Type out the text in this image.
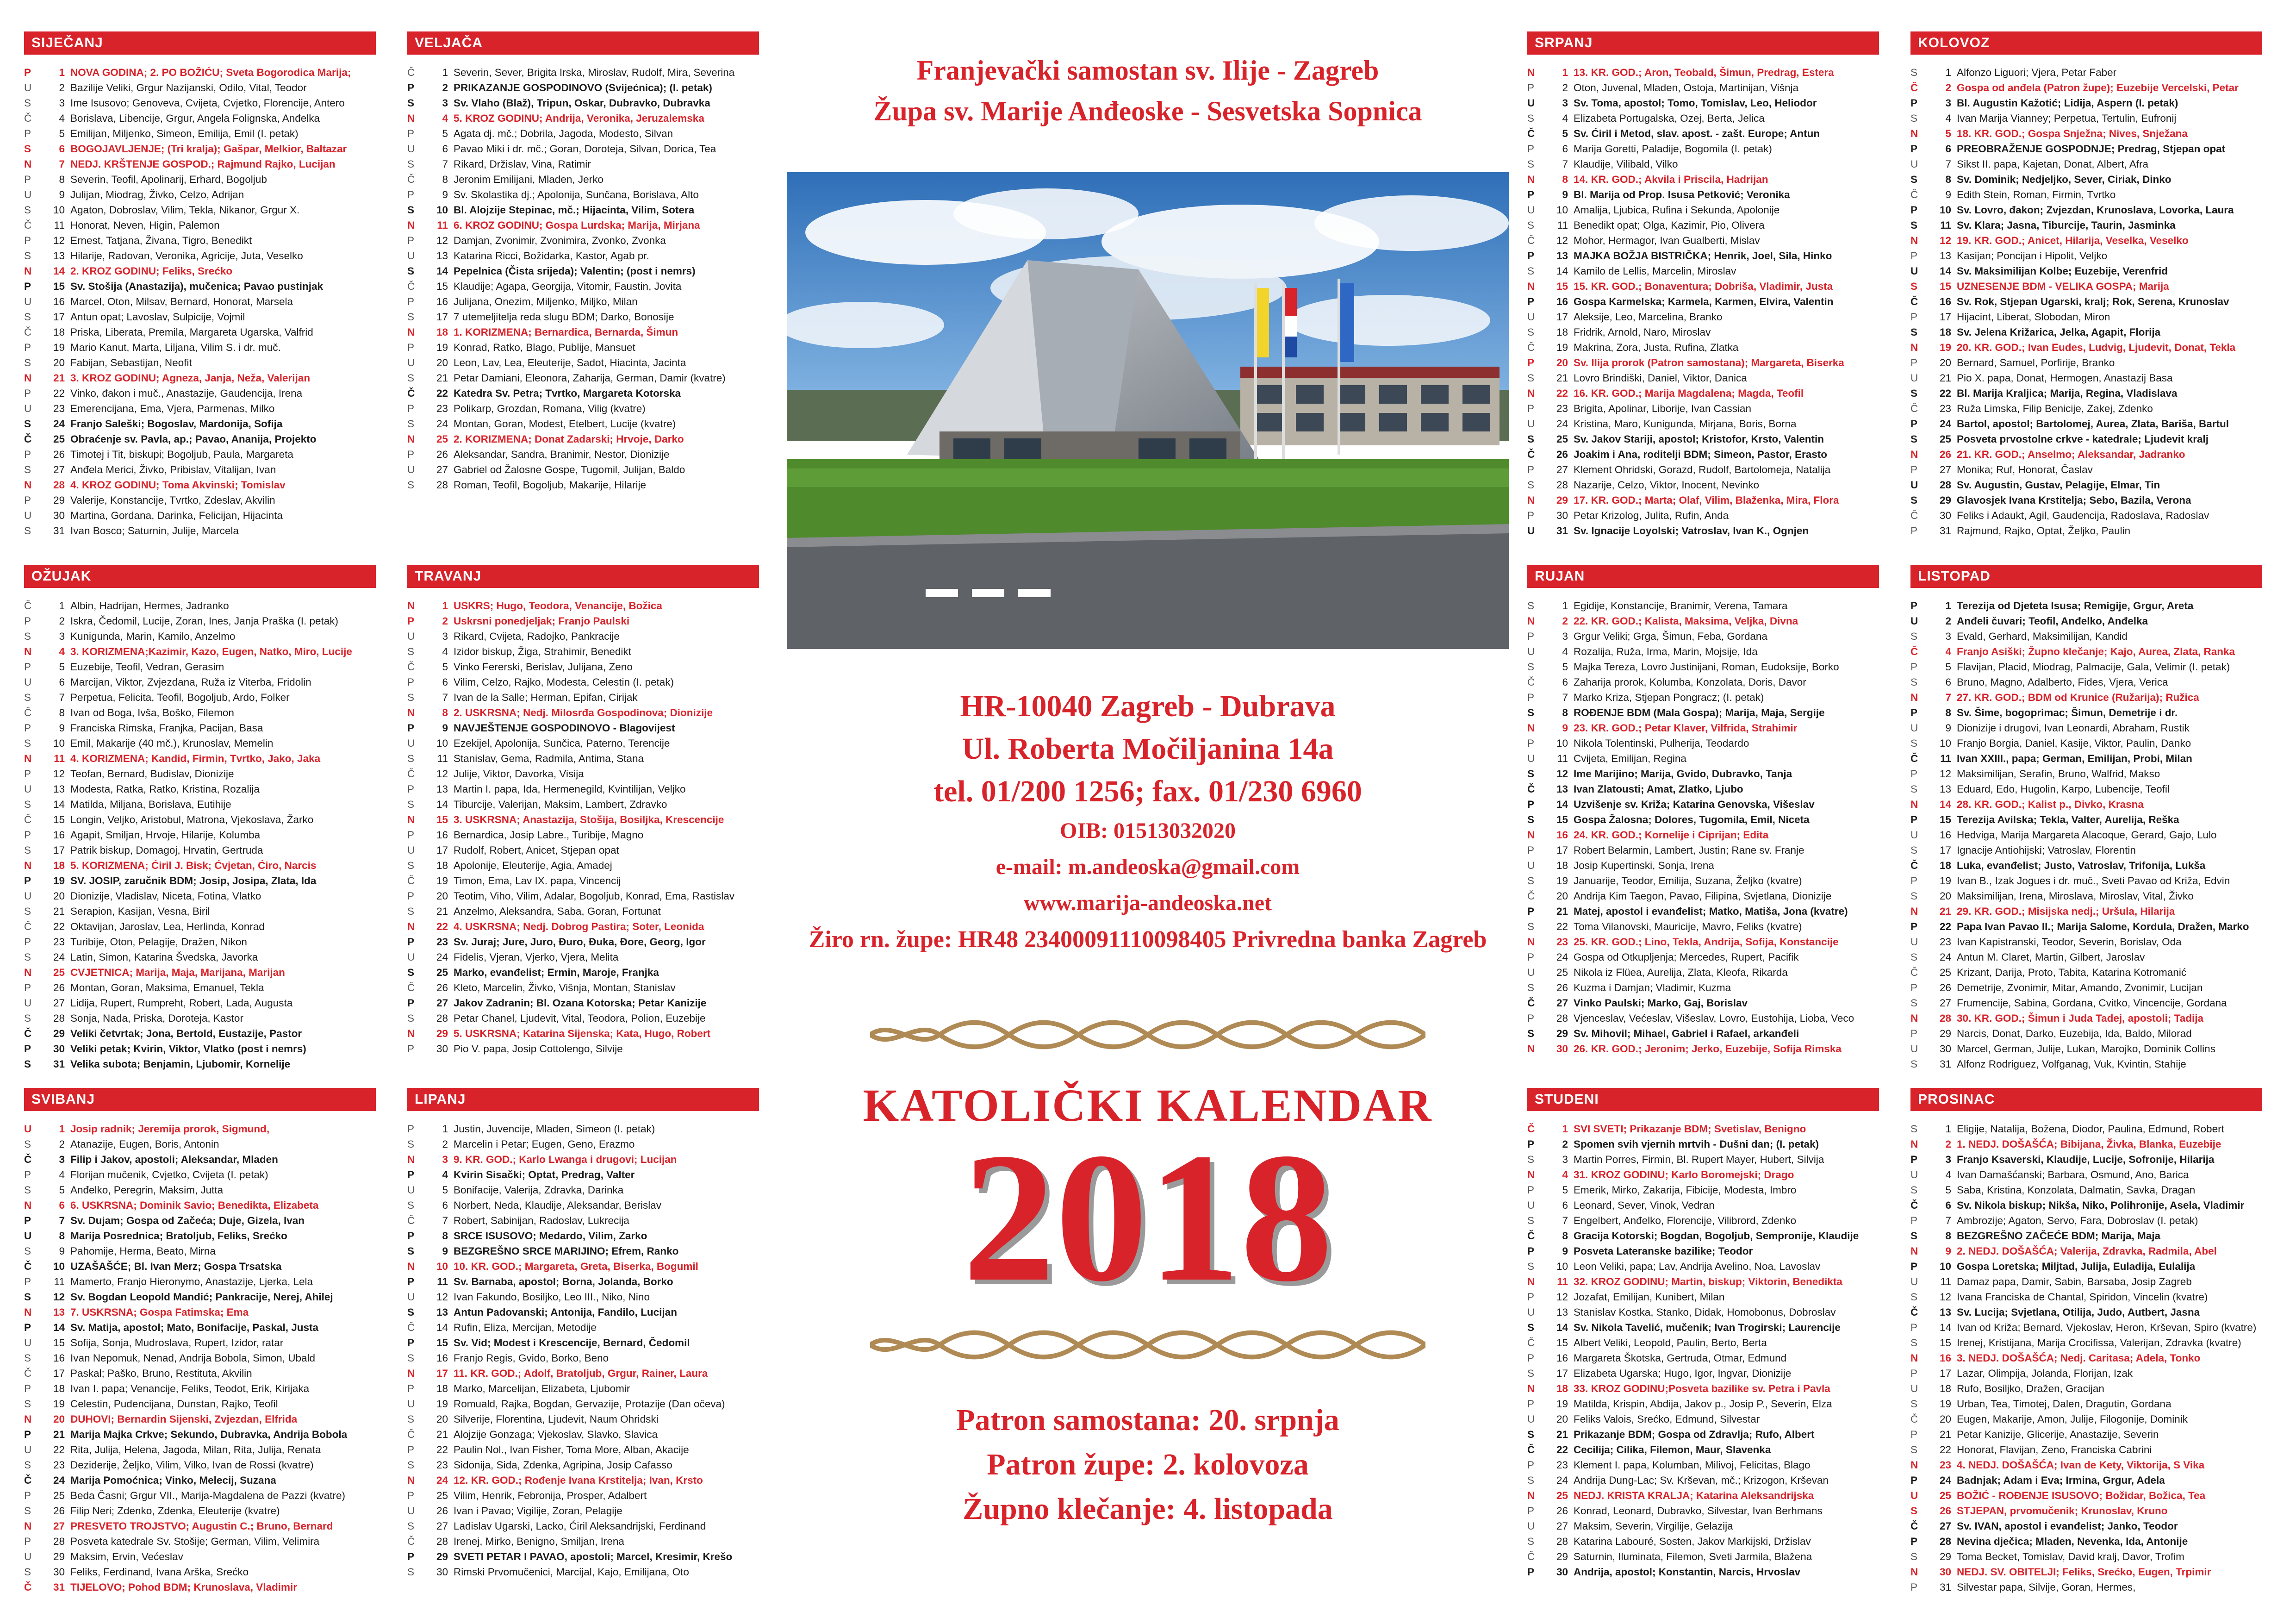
SIJEČANJ
P	1 NOVA GODINA; 2. PO BOŽIĆU; Sveta Bogorodica Marija;
U	2 Bazilije Veliki, Grgur Nazijanski, Odilo, Vital, Teodor
S	3 Ime Isusovo; Genoveva, Cvijeta, Cvjetko, Florencije, Antero
Č	4 Borislava, Libencije, Grgur, Angela Folignska, Anđelka
P	5 Emilijan, Miljenko, Simeon, Emilija, Emil (I. petak)
S	6 BOGOJAVLJENJE; (Tri kralja); Gašpar, Melkior, Baltazar
N	7 NEDJ. KRŠTENJE GOSPOD.; Rajmund Rajko, Lucijan
P	8 Severin, Teofil, Apolinarij, Erhard, Bogoljub
U	9 Julijan, Miodrag, Živko, Celzo, Adrijan
S	10 Agaton, Dobroslav, Vilim, Tekla, Nikanor, Grgur X.
Č	11 Honorat, Neven, Higin, Palemon
P	12 Ernest, Tatjana, Živana, Tigro, Benedikt
S	13 Hilarije, Radovan, Veronika, Agricije, Juta, Veselko
N	14 2. KROZ GODINU; Feliks, Srećko
P	15 Sv. Stošija (Anastazija), mučenica; Pavao pustinjak
U	16 Marcel, Oton, Milsav, Bernard, Honorat, Marsela
S	17 Antun opat; Lavoslav, Sulpicije, Vojmil
Č	18 Priska, Liberata, Premila, Margareta Ugarska, Valfrid
P	19 Mario Kanut, Marta, Liljana, Vilim S. i dr. muč.
S	20 Fabijan, Sebastijan, Neofit
N	21 3. KROZ GODINU; Agneza, Janja, Neža, Valerijan
P	22 Vinko, đakon i muč., Anastazije, Gaudencija, Irena
U	23 Emerencijana, Ema, Vjera, Parmenas, Milko
S	24 Franjo Saleški; Bogoslav, Mardonija, Sofija
Č	25 Obraćenje sv. Pavla, ap.; Pavao, Ananija, Projekto
P	26 Timotej i Tit, biskupi; Bogoljub, Paula, Margareta
S	27 Anđela Merici, Živko, Pribislav, Vitalijan, Ivan
N	28 4. KROZ GODINU; Toma Akvinski; Tomislav
P	29 Valerije, Konstancije, Tvrtko, Zdeslav, Akvilin
U	30 Martina, Gordana, Darinka, Felicijan, Hijacinta
S	31 Ivan Bosco; Saturnin, Julije, Marcela
VELJAČA
Č	1 Severin, Sever, Brigita Irska, Miroslav, Rudolf, Mira, Severina
P	2 PRIKAZANJE GOSPODINOVO (Svijećnica); (I. petak)
S	3 Sv. Vlaho (Blaž), Tripun, Oskar, Dubravko, Dubravka
N	4 5. KROZ GODINU; Andrija, Veronika, Jeruzalemska
P	5 Agata dj. mč.; Dobrila, Jagoda, Modesto, Silvan
U	6 Pavao Miki i dr. mč.; Goran, Doroteja, Silvan, Dorica, Tea
S	7 Rikard, Držislav, Vina, Ratimir
Č	8 Jeronim Emilijani, Mladen, Jerko
P	9 Sv. Skolastika dj.; Apolonija, Sunčana, Borislava, Alto
S	10 Bl. Alojzije Stepinac, mč.; Hijacinta, Vilim, Sotera
N	11 6. KROZ GODINU; Gospa Lurdska; Marija, Mirjana
P	12 Damjan, Zvonimir, Zvonimira, Zvonko, Zvonka
U	13 Katarina Ricci, Božidarka, Kastor, Agab pr.
S	14 Pepelnica (Čista srijeda); Valentin; (post i nemrs)
Č	15 Klaudije; Agapa, Georgija, Vitomir, Faustin, Jovita
P	16 Julijana, Onezim, Miljenko, Miljko, Milan
S	17 7 utemeljitelja reda slugu BDM; Darko, Bonosije
N	18 1. KORIZMENA; Bernardica, Bernarda, Šimun
P	19 Konrad, Ratko, Blago, Publije, Mansuet
U	20 Leon, Lav, Lea, Eleuterije, Sadot, Hiacinta, Jacinta
S	21 Petar Damiani, Eleonora, Zaharija, German, Damir (kvatre)
Č	22 Katedra Sv. Petra; Tvrtko, Margareta Kotorska
P	23 Polikarp, Grozdan, Romana, Vilig (kvatre)
S	24 Montan, Goran, Modest, Etelbert, Lucije (kvatre)
N	25 2. KORIZMENA; Donat Zadarski; Hrvoje, Darko
P	26 Aleksandar, Sandra, Branimir, Nestor, Dionizije
U	27 Gabriel od Žalosne Gospe, Tugomil, Julijan, Baldo
S	28 Roman, Teofil, Bogoljub, Makarije, Hilarije
SRPANJ
N	1 13. KR. GOD.; Aron, Teobald, Šimun, Predrag, Estera
P	2 Oton, Juvenal, Mladen, Ostoja, Martinijan, Višnja
U	3 Sv. Toma, apostol; Tomo, Tomislav, Leo, Heliodor
S	4 Elizabeta Portugalska, Ozej, Berta, Jelica
Č	5 Sv. Ćiril i Metod, slav. apost. - zašt. Europe; Antun
P	6 Marija Goretti, Paladije, Bogomila (I. petak)
S	7 Klaudije, Vilibald, Vilko
N	8 14. KR. GOD.; Akvila i Priscila, Hadrijan
P	9 Bl. Marija od Prop. Isusa Petković; Veronika
U	10 Amalija, Ljubica, Rufina i Sekunda, Apolonije
S	11 Benedikt opat; Olga, Kazimir, Pio, Olivera
Č	12 Mohor, Hermagor, Ivan Gualberti, Mislav
P	13 MAJKA BOŽJA BISTRIČKA; Henrik, Joel, Sila, Hinko
S	14 Kamilo de Lellis, Marcelin, Miroslav
N	15 15. KR. GOD.; Bonaventura; Dobriša, Vladimir, Justa
P	16 Gospa Karmelska; Karmela, Karmen, Elvira, Valentin
U	17 Aleksije, Leo, Marcelina, Branko
S	18 Fridrik, Arnold, Naro, Miroslav
Č	19 Makrina, Zora, Justa, Rufina, Zlatka
P	20 Sv. Ilija prorok (Patron samostana); Margareta, Biserka
S	21 Lovro Brindiški, Daniel, Viktor, Danica
N	22 16. KR. GOD.; Marija Magdalena; Magda, Teofil
P	23 Brigita, Apolinar, Liborije, Ivan Cassian
U	24 Kristina, Maro, Kunigunda, Mirjana, Boris, Borna
S	25 Sv. Jakov Stariji, apostol; Kristofor, Krsto, Valentin
Č	26 Joakim i Ana, roditelji BDM; Simeon, Pastor, Erasto
P	27 Klement Ohridski, Gorazd, Rudolf, Bartolomeja, Natalija
S	28 Nazarije, Celzo, Viktor, Inocent, Nevinko
N	29 17. KR. GOD.; Marta; Olaf, Vilim, Blaženka, Mira, Flora
P	30 Petar Krizolog, Julita, Rufin, Anda
U	31 Sv. Ignacije Loyolski; Vatroslav, Ivan K., Ognjen
KOLOVOZ
S	1 Alfonzo Liguori; Vjera, Petar Faber
Č	2 Gospa od anđela (Patron župe); Euzebije Vercelski, Petar
P	3 Bl. Augustin Kažotić; Lidija, Aspern (I. petak)
S	4 Ivan Marija Vianney; Perpetua, Tertulin, Eufronij
N	5 18. KR. GOD.; Gospa Snježna; Nives, Snježana
P	6 PREOBRAŽENJE GOSPODNJE; Predrag, Stjepan opat
U	7 Sikst II. papa, Kajetan, Donat, Albert, Afra
S	8 Sv. Dominik; Nedjeljko, Sever, Ciriak, Dinko
Č	9 Edith Stein, Roman, Firmin, Tvrtko
P	10 Sv. Lovro, đakon; Zvjezdan, Krunoslava, Lovorka, Laura
S	11 Sv. Klara; Jasna, Tiburcije, Taurin, Jasminka
N	12 19. KR. GOD.; Anicet, Hilarija, Veselka, Veselko
P	13 Kasijan; Poncijan i Hipolit, Veljko
U	14 Sv. Maksimilijan Kolbe; Euzebije, Verenfrid
S	15 UZNESENJE BDM - VELIKA GOSPA; Marija
Č	16 Sv. Rok, Stjepan Ugarski, kralj; Rok, Serena, Krunoslav
P	17 Hijacint, Liberat, Slobodan, Miron
S	18 Sv. Jelena Križarica, Jelka, Agapit, Florija
N	19 20. KR. GOD.; Ivan Eudes, Ludvig, Ljudevit, Donat, Tekla
P	20 Bernard, Samuel, Porfirije, Branko
U	21 Pio X. papa, Donat, Hermogen, Anastazij Basa
S	22 Bl. Marija Kraljica; Marija, Regina, Vladislava
Č	23 Ruža Limska, Filip Benicije, Zakej, Zdenko
P	24 Bartol, apostol; Bartolomej, Aurea, Zlata, Bariša, Bartul
S	25 Posveta prvostolne crkve - katedrale; Ljudevit kralj
N	26 21. KR. GOD.; Anselmo; Aleksandar, Jadranko
P	27 Monika; Ruf, Honorat, Časlav
U	28 Sv. Augustin, Gustav, Pelagije, Elmar, Tin
S	29 Glavosjek Ivana Krstitelja; Sebo, Bazila, Verona
Č	30 Feliks i Adaukt, Agil, Gaudencija, Radoslava, Radoslav
P	31 Rajmund, Rajko, Optat, Željko, Paulin
OŽUJAK
Č	1 Albin, Hadrijan, Hermes, Jadranko
P	2 Iskra, Čedomil, Lucije, Zoran, Ines, Janja Praška (I. petak)
S	3 Kunigunda, Marin, Kamilo, Anzelmo
N	4 3. KORIZMENA;Kazimir, Kazo, Eugen, Natko, Miro, Lucije
P	5 Euzebije, Teofil, Vedran, Gerasim
U	6 Marcijan, Viktor, Zvjezdana, Ruža iz Viterba, Fridolin
S	7 Perpetua, Felicita, Teofil, Bogoljub, Ardo, Folker
Č	8 Ivan od Boga, Ivša, Boško, Filemon
P	9 Franciska Rimska, Franjka, Pacijan, Basa
S	10 Emil, Makarije (40 mč.), Krunoslav, Memelin
N	11 4. KORIZMENA; Kandid, Firmin, Tvrtko, Jako, Jaka
P	12 Teofan, Bernard, Budislav, Dionizije
U	13 Modesta, Ratka, Ratko, Kristina, Rozalija
S	14 Matilda, Miljana, Borislava, Eutihije
Č	15 Longin, Veljko, Aristobul, Matrona, Vjekoslava, Žarko
P	16 Agapit, Smiljan, Hrvoje, Hilarije, Kolumba
S	17 Patrik biskup, Domagoj, Hrvatin, Gertruda
N	18 5. KORIZMENA; Ćiril J. Bisk; Ćvjetan, Ćiro, Narcis
P	19 SV. JOSIP, zaručnik BDM; Josip, Josipa, Zlata, Ida
U	20 Dionizije, Vladislav, Niceta, Fotina, Vlatko
S	21 Serapion, Kasijan, Vesna, Biril
Č	22 Oktavijan, Jaroslav, Lea, Herlinda, Konrad
P	23 Turibije, Oton, Pelagije, Dražen, Nikon
S	24 Latin, Simon, Katarina Švedska, Javorka
N	25 CVJETNICA; Marija, Maja, Marijana, Marijan
P	26 Montan, Goran, Maksima, Emanuel, Tekla
U	27 Lidija, Rupert, Rumpreht, Robert, Lada, Augusta
S	28 Sonja, Nada, Priska, Doroteja, Kastor
Č	29 Veliki četvrtak; Jona, Bertold, Eustazije, Pastor
P	30 Veliki petak; Kvirin, Viktor, Vlatko (post i nemrs)
S	31 Velika subota; Benjamin, Ljubomir, Kornelije
TRAVANJ
N	1 USKRS; Hugo, Teodora, Venancije, Božica
P	2 Uskrsni ponedjeljak; Franjo Paulski
U	3 Rikard, Cvijeta, Radojko, Pankracije
S	4 Izidor biskup, Žiga, Strahimir, Benedikt
Č	5 Vinko Fererski, Berislav, Julijana, Zeno
P	6 Vilim, Celzo, Rajko, Modesta, Celestin (I. petak)
S	7 Ivan de la Salle; Herman, Epifan, Cirijak
N	8 2. USKRSNA; Nedj. Milosrđa Gospodinova; Dionizije
P	9 NAVJEŠTENJE GOSPODINOVO - Blagovijest
U	10 Ezekijel, Apolonija, Sunčica, Paterno, Terencije
S	11 Stanislav, Gema, Radmila, Antima, Stana
Č	12 Julije, Viktor, Davorka, Visija
P	13 Martin I. papa, Ida, Hermenegild, Kvintilijan, Veljko
S	14 Tiburcije, Valerijan, Maksim, Lambert, Zdravko
N	15 3. USKRSNA; Anastazija, Stošija, Bosiljka, Krescencije
P	16 Bernardica, Josip Labre., Turibije, Magno
U	17 Rudolf, Robert, Anicet, Stjepan opat
S	18 Apolonije, Eleuterije, Agia, Amadej
Č	19 Timon, Ema, Lav IX. papa, Vincencij
P	20 Teotim, Viho, Vilim, Adalar, Bogoljub, Konrad, Ema, Rastislav
S	21 Anzelmo, Aleksandra, Saba, Goran, Fortunat
N	22 4. USKRSNA; Nedj. Dobrog Pastira; Soter, Leonida
P	23 Sv. Juraj; Jure, Juro, Đuro, Đuka, Đore, Georg, Igor
U	24 Fidelis, Vjeran, Vjerko, Vjera, Melita
S	25 Marko, evanđelist; Ermin, Maroje, Franjka
Č	26 Kleto, Marcelin, Živko, Višnja, Montan, Stanislav
P	27 Jakov Zadranin; Bl. Ozana Kotorska; Petar Kanizije
S	28 Petar Chanel, Ljudevit, Vital, Teodora, Polion, Euzebije
N	29 5. USKRSNA; Katarina Sijenska; Kata, Hugo, Robert
P	30 Pio V. papa, Josip Cottolengo, Silvije
RUJAN
S	1 Egidije, Konstancije, Branimir, Verena, Tamara
N	2 22. KR. GOD.; Kalista, Maksima, Veljka, Divna
P	3 Grgur Veliki; Grga, Šimun, Feba, Gordana
U	4 Rozalija, Ruža, Irma, Marin, Mojsije, Ida
S	5 Majka Tereza, Lovro Justinijani, Roman, Eudoksije, Borko
Č	6 Zaharija prorok, Kolumba, Konzolata, Doris, Davor
P	7 Marko Kriza, Stjepan Pongracz; (I. petak)
S	8 ROĐENJE BDM (Mala Gospa); Marija, Maja, Sergije
N	9 23. KR. GOD.; Petar Klaver, Vilfrida, Strahimir
P	10 Nikola Tolentinski, Pulherija, Teodardo
U	11 Cvijeta, Emilijan, Regina
S	12 Ime Marijino; Marija, Gvido, Dubravko, Tanja
Č	13 Ivan Zlatousti; Amat, Zlatko, Ljubo
P	14 Uzvišenje sv. Križa; Katarina Genovska, Višeslav
S	15 Gospa Žalosna; Dolores, Tugomila, Emil, Nicetа
N	16 24. KR. GOD.; Kornelije i Ciprijan; Edita
P	17 Robert Belarmin, Lambert, Justin; Rane sv. Franje
U	18 Josip Kupertinski, Sonja, Irena
S	19 Januarije, Teodor, Emilija, Suzana, Željko (kvatre)
Č	20 Andrija Kim Taegon, Pavao, Filipina, Svjetlana, Dionizije
P	21 Matej, apostol i evanđelist; Matko, Matiša, Jona (kvatre)
S	22 Toma Vilanovski, Mauricije, Mavro, Feliks (kvatre)
N	23 25. KR. GOD.; Lino, Tekla, Andrija, Sofija, Konstancije
P	24 Gospa od Otkupljenja; Mercedes, Rupert, Pacifik
U	25 Nikola iz Flüea, Aurelija, Zlata, Kleofa, Rikarda
S	26 Kuzma i Damjan; Vladimir, Kuzma
Č	27 Vinko Paulski; Marko, Gaj, Borislav
P	28 Vjenceslav, Većeslav, Višeslav, Lovro, Eustohija, Lioba, Veco
S	29 Sv. Mihovil; Mihael, Gabriel i Rafael, arkanđeli
N	30 26. KR. GOD.; Jeronim; Jerko, Euzebije, Sofija Rimska
LISTOPAD
P	1 Terezija od Djeteta Isusa; Remigije, Grgur, Areta
U	2 Anđeli čuvari; Teofil, Anđelko, Anđelka
S	3 Evald, Gerhard, Maksimilijan, Kandid
Č	4 Franjo Asiški; Župno klečanje; Kajo, Aurea, Zlata, Ranka
P	5 Flavijan, Placid, Miodrag, Palmacije, Gala, Velimir (I. petak)
S	6 Bruno, Magno, Adalberto, Fides, Vjera, Verica
N	7 27. KR. GOD.; BDM od Krunice (Ružarija); Ružica
P	8 Sv. Šime, bogoprimac; Šimun, Demetrije i dr.
U	9 Dionizije i drugovi, Ivan Leonardi, Abraham, Rustik
S	10 Franjo Borgia, Daniel, Kasije, Viktor, Paulin, Danko
Č	11 Ivan XXIII., papa; German, Emilijan, Probi, Milan
P	12 Maksimilijan, Serafin, Bruno, Walfrid, Makso
S	13 Eduard, Edo, Hugolin, Karpo, Lubencije, Teofil
N	14 28. KR. GOD.; Kalist p., Divko, Krasna
P	15 Terezija Avilska; Tekla, Valter, Aurelija, Reška
U	16 Hedviga, Marija Margareta Alacoque, Gerard, Gajo, Lulo
S	17 Ignacije Antiohijski; Vatroslav, Florentin
Č	18 Luka, evanđelist; Justo, Vatroslav, Trifonija, Lukša
P	19 Ivan B., Izak Jogues i dr. muč., Sveti Pavao od Križa, Edvin
S	20 Maksimilijan, Irena, Miroslava, Miroslav, Vital, Živko
N	21 29. KR. GOD.; Misijska nedj.; Uršula, Hilarija
P	22 Papa Ivan Pavao II.; Marija Salome, Kordula, Dražen, Marko
U	23 Ivan Kapistranski, Teodor, Severin, Borislav, Oda
S	24 Antun M. Claret, Martin, Gilbert, Jaroslav
Č	25 Krizant, Darija, Proto, Tabita, Katarina Kotromanić
P	26 Demetrije, Zvonimir, Mitar, Amando, Zvonimir, Lucijan
S	27 Frumencije, Sabina, Gordana, Cvitko, Vincencije, Gordana
N	28 30. KR. GOD.; Šimun i Juda Tadej, apostoli; Tadija
P	29 Narcis, Donat, Darko, Euzebija, Ida, Baldo, Milorad
U	30 Marcel, German, Julije, Lukan, Marojko, Dominik Collins
S	31 Alfonz Rodriguez, Volfganag, Vuk, Kvintin, Stahije
SVIBANJ
U	1 Josip radnik; Jeremija prorok, Sigmund,
S	2 Atanazije, Eugen, Boris, Antonin
Č	3 Filip i Jakov, apostoli; Aleksandar, Mladen
P	4 Florijan mučenik, Cvjetko, Cvijeta (I. petak)
S	5 Anđelko, Peregrin, Maksim, Jutta
N	6 6. USKRSNA; Dominik Savio; Benedikta, Elizabeta
P	7 Sv. Dujam; Gospa od Začeća; Duje, Gizela, Ivan
U	8 Marija Posrednica; Bratoljub, Feliks, Srećko
S	9 Pahomije, Herma, Beato, Mirna
Č	10 UZAŠAŠĆE; Bl. Ivan Merz; Gospa Trsatska
P	11 Mamerto, Franjo Hieronymo, Anastazije, Ljerka, Lela
S	12 Sv. Bogdan Leopold Mandić; Pankracije, Nerej, Ahilej
N	13 7. USKRSNA; Gospa Fatimska; Ema
P	14 Sv. Matija, apostol; Mato, Bonifacije, Paskal, Justa
U	15 Sofija, Sonja, Mudroslava, Rupert, Izidor, ratar
S	16 Ivan Nepomuk, Nenad, Andrija Bobola, Simon, Ubald
Č	17 Paskal; Paško, Bruno, Restituta, Akvilin
P	18 Ivan I. papa; Venancije, Feliks, Teodot, Erik, Kirijaka
S	19 Celestin, Pudencijana, Dunstan, Rajko, Teofil
N	20 DUHOVI; Bernardin Sijenski, Zvjezdan, Elfrida
P	21 Marija Majka Crkve; Sekundo, Dubravka, Andrija Bobola
U	22 Rita, Julija, Helena, Jagoda, Milan, Rita, Julija, Renata
S	23 Deziderije, Željko, Vilim, Vilko, Ivan de Rossi (kvatre)
Č	24 Marija Pomoćnica; Vinko, Melecij, Suzana
P	25 Beda Časni; Grgur VII., Marija-Magdalena de Pazzi (kvatre)
S	26 Filip Neri; Zdenko, Zdenka, Eleuterije (kvatre)
N	27 PRESVETO TROJSTVO; Augustin C.; Bruno, Bernard
P	28 Posveta katedrale Sv. Stošije; German, Vilim, Velimira
U	29 Maksim, Ervin, Većeslav
S	30 Feliks, Ferdinand, Ivana Arška, Srećko
Č	31 TIJELOVO; Pohod BDM; Krunoslava, Vladimir
LIPANJ
P	1 Justin, Juvencije, Mladen, Simeon (I. petak)
S	2 Marcelin i Petar; Eugen, Geno, Erazmo
N	3 9. KR. GOD.; Karlo Lwanga i drugovi; Lucijan
P	4 Kvirin Sisački; Optat, Predrag, Valter
U	5 Bonifacije, Valerija, Zdravka, Darinka
S	6 Norbert, Neda, Klaudije, Aleksandar, Berislav
Č	7 Robert, Sabinijan, Radoslav, Lukrecija
P	8 SRCE ISUSOVO; Medardo, Vilim, Zarko
S	9 BEZGREŠNO SRCE MARIJINO; Efrem, Ranko
N	10 10. KR. GOD.; Margareta, Greta, Biserka, Bogumil
P	11 Sv. Barnaba, apostol; Borna, Jolanda, Borko
U	12 Ivan Fakundo, Bosiljko, Leo III., Niko, Nino
S	13 Antun Padovanski; Antonija, Fandilo, Lucijan
Č	14 Rufin, Eliza, Mercijan, Metodije
P	15 Sv. Vid; Modest i Krescencije, Bernard, Čedomil
S	16 Franjo Regis, Gvido, Borko, Beno
N	17 11. KR. GOD.; Adolf, Bratoljub, Grgur, Rainer, Laura
P	18 Marko, Marcelijan, Elizabeta, Ljubomir
U	19 Romuald, Rajka, Bogdan, Gervazije, Protazije (Dan očeva)
S	20 Silverije, Florentina, Ljudevit, Naum Ohridski
Č	21 Alojzije Gonzaga; Vjekoslav, Slavko, Slavica
P	22 Paulin Nol., Ivan Fisher, Toma More, Alban, Akacije
S	23 Sidonija, Sida, Zdenka, Agripina, Josip Cafasso
N	24 12. KR. GOD.; Rođenje Ivana Krstitelja; Ivan, Krsto
P	25 Vilim, Henrik, Febronija, Prosper, Adalbert
U	26 Ivan i Pavao; Vigilije, Zoran, Pelagije
S	27 Ladislav Ugarski, Lacko, Ćiril Aleksandrijski, Ferdinand
Č	28 Irenej, Mirko, Benigno, Smiljan, Irena
P	29 SVETI PETAR I PAVAO, apostoli; Marcel, Kresimir, Krešo
S	30 Rimski Prvomučenici, Marcijal, Kajo, Emilijana, Oto
STUDENI
Č	1 SVI SVETI; Prikazanje BDM; Svetislav, Benigno
P	2 Spomen svih vjernih mrtvih - Dušni dan; (I. petak)
S	3 Martin Porres, Firmin, Bl. Rupert Mayer, Hubert, Silvija
N	4 31. KROZ GODINU; Karlo Boromejski; Drago
P	5 Emerik, Mirko, Zakarija, Fibicije, Modesta, Imbro
U	6 Leonard, Sever, Vinok, Vedran
S	7 Engelbert, Anđelko, Florencije, Vilibrord, Zdenko
Č	8 Gracija Kotorski; Bogdan, Bogoljub, Semproniје, Klaudije
P	9 Posveta Lateranske bazilike; Teodor
S	10 Leon Veliki, papa; Lav, Andrija Avelino, Noa, Lavoslav
N	11 32. KROZ GODINU; Martin, biskup; Viktorin, Benedikta
P	12 Jozafat, Emilijan, Kunibert, Milan
U	13 Stanislav Kostka, Stanko, Didak, Homobonus, Dobroslav
S	14 Sv. Nikola Tavelić, mučenik; Ivan Trogirski; Laurencije
Č	15 Albert Veliki, Leopold, Paulin, Berto, Berta
P	16 Margareta Škotska, Gertruda, Otmar, Edmund
S	17 Elizabeta Ugarska; Hugo, Igor, Ingvar, Dionizije
N	18 33. KROZ GODINU;Posveta bazilike sv. Petra i Pavla
P	19 Matilda, Krispin, Abdija, Jakov p., Josip P., Severin, Elza
U	20 Feliks Valois, Srećko, Edmund, Silvestar
S	21 Prikazanje BDM; Gospa od Zdravlja; Rufo, Albert
Č	22 Cecilija; Cilika, Filemon, Maur, Slavenka
P	23 Klement I. papa, Kolumban, Milivoj, Felicitas, Blago
S	24 Andrija Dung-Lac; Sv. Krševan, mč.; Krizogon, Krševan
N	25 NEDJ. KRISTA KRALJA; Katarina Aleksandrijska
P	26 Konrad, Leonard, Dubravko, Silvestar, Ivan Berhmans
U	27 Maksim, Severin, Virgilije, Gelazija
S	28 Katarina Labouré, Sosten, Jakov Markijski, Držislav
Č	29 Saturnin, Iluminata, Filemon, Sveti Jarmila, Blažena
P	30 Andrija, apostol; Konstantin, Narcis, Hrvoslav
PROSINAC
S	1 Eligije, Natalija, Božena, Diodor, Paulina, Edmund, Robert
N	2 1. NEDJ. DOŠAŠĆA; Bibijana, Živka, Blanka, Euzebije
P	3 Franjo Ksaverski, Klaudije, Lucije, Sofronije, Hilarija
U	4 Ivan Damašćanski; Barbara, Osmund, Ano, Barica
S	5 Saba, Kristina, Konzolata, Dalmatin, Savka, Dragan
Č	6 Sv. Nikola biskup; Nikša, Niko, Polihronije, Asela, Vladimir
P	7 Ambrozije; Agaton, Servo, Fara, Dobroslav (I. petak)
S	8 BEZGREŠNO ZAČEĆE BDM; Marija, Maja
N	9 2. NEDJ. DOŠAŠĆA; Valerija, Zdravka, Radmila, Abel
P	10 Gospa Loretska; Miljtad, Julija, Euladija, Eulalija
U	11 Damaz papa, Damir, Sabin, Barsaba, Josip Zagreb
S	12 Ivana Franciska de Chantal, Spiridon, Vincelin (kvatre)
Č	13 Sv. Lucija; Svjetlana, Otilija, Judo, Autbert, Jasna
P	14 Ivan od Križa; Bernard, Vjekoslav, Heron, Krševan, Spiro (kvatre)
S	15 Irenej, Kristijana, Marija Crocifissa, Valerijan, Zdravka (kvatre)
N	16 3. NEDJ. DOŠAŠĆA; Nedj. Caritasa; Adela, Tonko
P	17 Lazar, Olimpija, Jolanda, Florijan, Izak
U	18 Rufo, Bosiljko, Dražen, Gracijan
S	19 Urban, Tea, Timotej, Dalen, Dragutin, Gordana
Č	20 Eugen, Makarije, Amon, Julije, Filogonije, Dominik
P	21 Petar Kanizije, Glicerije, Anastazije, Severin
S	22 Honorat, Flavijan, Zeno, Franciska Cabrini
N	23 4. NEDJ. DOŠAŠĆA; Ivan de Kety, Viktorija, S Vika
P	24 Badnjak; Adam i Eva; Irmina, Grgur, Adela
U	25 BOŽIĆ - ROĐENJE ISUSOVO; Božidar, Božica, Tea
S	26 STJEPAN, prvomučenik; Krunoslav, Kruno
Č	27 Sv. IVAN, apostol i evanđelist; Janko, Teodor
P	28 Nevina dječica; Mladen, Nevenka, Ida, Antonije
S	29 Toma Becket, Tomislav, David kralj, Davor, Trofim
N	30 NEDJ. SV. OBITELJI; Feliks, Srećko, Eugen, Trpimir
P	31 Silvestar papa, Silvije, Goran, Hermes,
Franjevački samostan sv. Ilije - Zagreb
Župa sv. Marije Anđeoske - Sesvetska Sopnica
HR-10040 Zagreb - Dubrava
Ul. Roberta Močiljanina 14a
tel. 01/200 1256; fax. 01/230 6960
OIB: 01513032020
e-mail: m.andeoska@gmail.com
www.marija-andeoska.net
Žiro rn. župe: HR48 2340009111009840​5 Privredna banka Zagreb
KATOLIČKI KALENDAR
2018
Patron samostana: 20. srpnja
Patron župe: 2. kolovoza
Župno klečanje: 4. listopada
